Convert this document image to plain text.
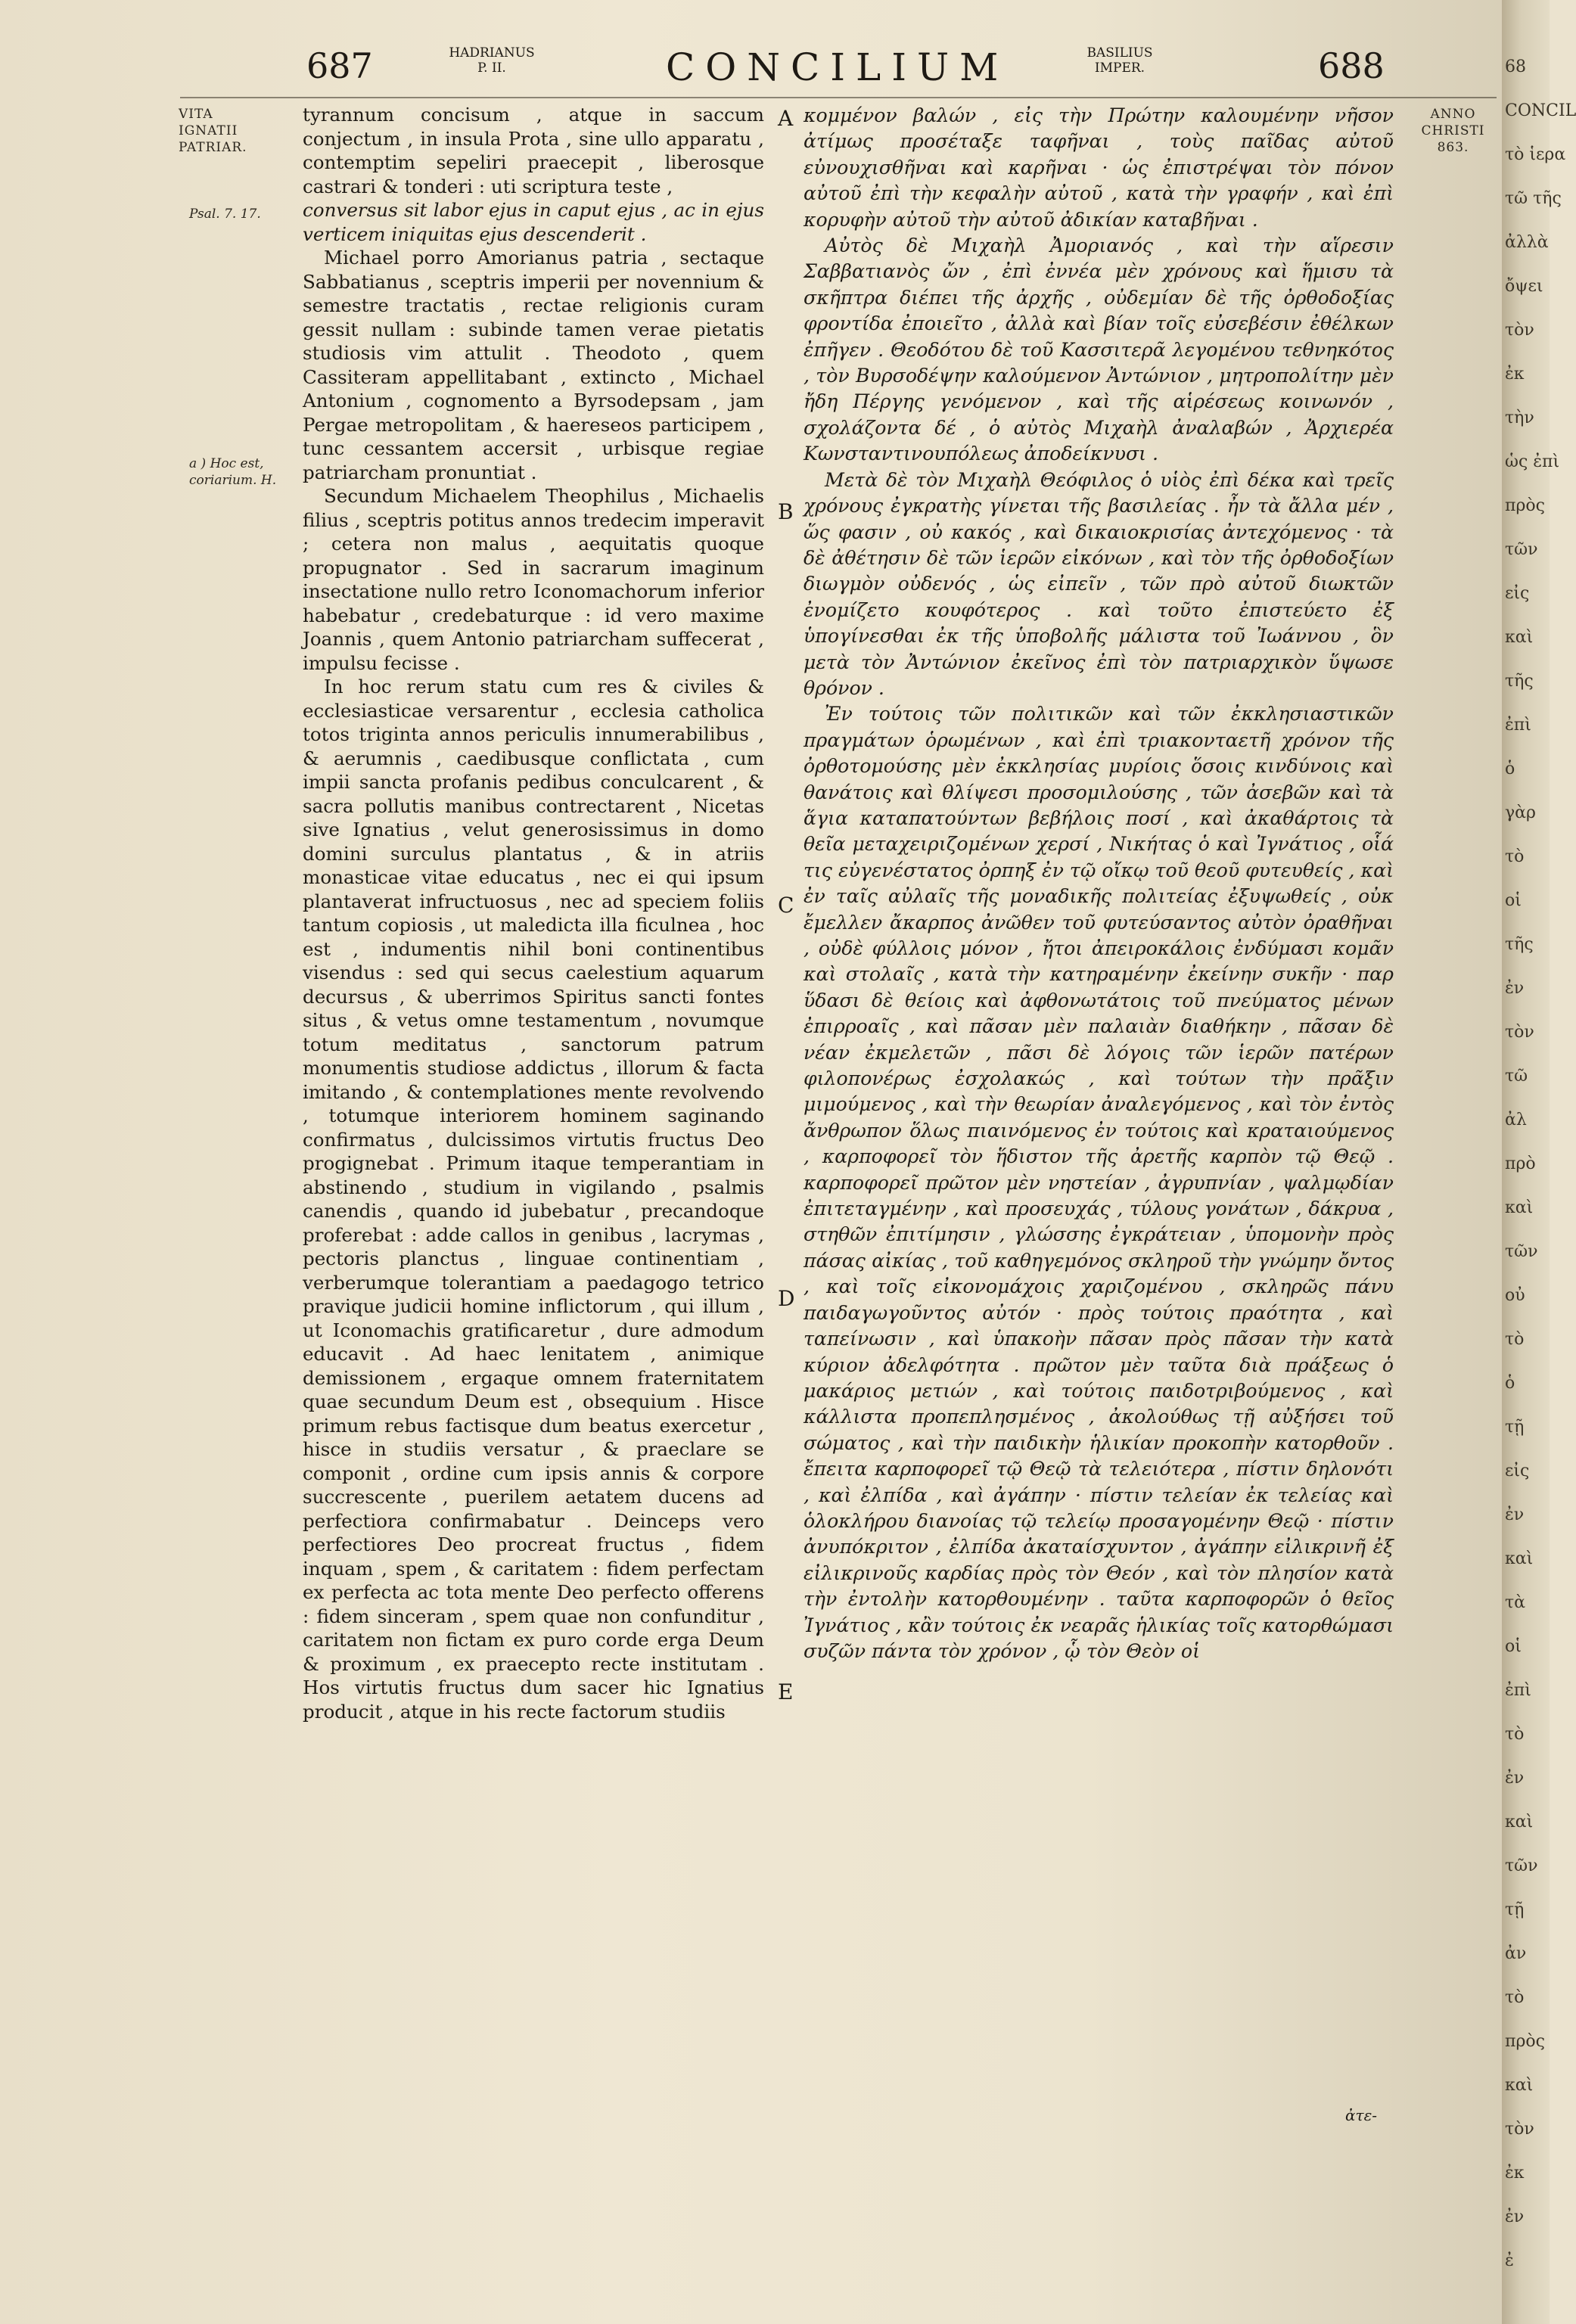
687	HADRIANUS
P. II.	CONCILIUM	BASILIUS
IMPER.	688
VITA
IGNATII
PATRIAR.
Psal. 7. 17.
a ) Hoc est,
coriarium. H.
ANNO
CHRISTI
863.

tyrannum concisum , atque in saccum conjectum , in insula Prota , sine ullo apparatu , contemptim sepeliri praecepit , liberosque castrari & tonderi : uti scriptura teste ,

conversus sit labor ejus in caput ejus , ac in ejus verticem iniquitas ejus descenderit .

Michael porro Amorianus patria , sectaque Sabbatianus , sceptris imperii per novennium & semestre tractatis , rectae religionis curam gessit nullam : subinde tamen verae pietatis studiosis vim attulit . Theodoto , quem Cassiteram appellitabant , extincto , Michael Antonium , cognomento a Byrsodepsam , jam Pergae metropolitam , & haereseos participem , tunc cessantem accersit , urbisque regiae patriarcham pronuntiat .

Secundum Michaelem Theophilus , Michaelis filius , sceptris potitus annos tredecim imperavit ; cetera non malus , aequitatis quoque propugnator . Sed in sacrarum imaginum insectatione nullo retro Iconomachorum inferior habebatur , credebaturque : id vero maxime Joannis , quem Antonio patriarcham suffecerat , impulsu fecisse .

In hoc rerum statu cum res & civiles & ecclesiasticae versarentur , ecclesia catholica totos triginta annos periculis innumerabilibus , & aerumnis , caedibusque conflictata , cum impii sancta profanis pedibus conculcarent , & sacra pollutis manibus contrectarent , Nicetas sive Ignatius , velut generosissimus in domo domini surculus plantatus , & in atriis monasticae vitae educatus , nec ei qui ipsum plantaverat infructuosus , nec ad speciem foliis tantum copiosis , ut maledicta illa ficulnea , hoc est , indumentis nihil boni continentibus visendus : sed qui secus caelestium aquarum decursus , & uberrimos Spiritus sancti fontes situs , & vetus omne testamentum , novumque totum meditatus , sanctorum patrum monumentis studiose addictus , illorum & facta imitando , & contemplationes mente revolvendo , totumque interiorem hominem saginando confirmatus , dulcissimos virtutis fructus Deo progignebat . Primum itaque temperantiam in abstinendo , studium in vigilando , psalmis canendis , quando id jubebatur , precandoque proferebat : adde callos in genibus , lacrymas , pectoris planctus , linguae continentiam , verberumque tolerantiam a paedagogo tetrico pravique judicii homine inflictorum , qui illum , ut Iconomachis gratificaretur , dure admodum educavit . Ad haec lenitatem , animique demissionem , ergaque omnem fraternitatem quae secundum Deum est , obsequium . Hisce primum rebus factisque dum beatus exercetur , hisce in studiis versatur , & praeclare se componit , ordine cum ipsis annis & corpore succrescente , puerilem aetatem ducens ad perfectiora confirmabatur . Deinceps vero perfectiores Deo procreat fructus , fidem inquam , spem , & caritatem : fidem perfectam ex perfecta ac tota mente Deo perfecto offerens : fidem sinceram , spem quae non confunditur , caritatem non fictam ex puro corde erga Deum & proximum , ex praecepto recte institutam . Hos virtutis fructus dum sacer hic Ignatius producit , atque in his recte factorum studiis

A
B
C
D
E

κομμένον βαλών , εἰς τὴν Πρώτην καλουμένην νῆσον ἀτίμως προσέταξε ταφῆναι , τοὺς παῖδας αὐτοῦ εὐνουχισθῆναι καὶ καρῆναι · ὡς ἐπιστρέψαι τὸν πόνον αὐτοῦ ἐπὶ τὴν κεφαλὴν αὐτοῦ , κατὰ τὴν γραφήν , καὶ ἐπὶ κορυφὴν αὐτοῦ τὴν αὐτοῦ ἀδικίαν καταβῆναι .

Αὐτὸς δὲ Μιχαὴλ Ἀμοριανός , καὶ τὴν αἵρεσιν Σαββατιανὸς ὤν , ἐπὶ ἐννέα μὲν χρόνους καὶ ἥμισυ τὰ σκῆπτρα διέπει τῆς ἀρχῆς , οὐδεμίαν δὲ τῆς ὀρθοδοξίας φροντίδα ἐποιεῖτο , ἀλλὰ καὶ βίαν τοῖς εὐσεβέσιν ἐθέλκων ἐπῆγεν . Θεοδότου δὲ τοῦ Κασσιτερᾶ λεγομένου τεθνηκότος , τὸν Βυρσοδέψην καλούμενον Ἀντώνιον , μητροπολίτην μὲν ἤδη Πέργης γενόμενον , καὶ τῆς αἱρέσεως κοινωνόν , σχολάζοντα δέ , ὁ αὐτὸς Μιχαὴλ ἀναλαβών , Ἀρχιερέα Κωνσταντινουπόλεως ἀποδείκνυσι .

Μετὰ δὲ τὸν Μιχαὴλ Θεόφιλος ὁ υἱὸς ἐπὶ δέκα καὶ τρεῖς χρόνους ἐγκρατὴς γίνεται τῆς βασιλείας . ἦν τὰ ἄλλα μέν , ὥς φασιν , οὐ κακός , καὶ δικαιοκρισίας ἀντεχόμενος · τὰ δὲ ἀθέτησιν δὲ τῶν ἱερῶν εἰκόνων , καὶ τὸν τῆς ὀρθοδοξίων διωγμὸν οὐδενός , ὡς εἰπεῖν , τῶν πρὸ αὐτοῦ διωκτῶν ἐνομίζετο κουφότερος . καὶ τοῦτο ἐπιστεύετο ἐξ ὑπογίνεσθαι ἐκ τῆς ὑποβολῆς μάλιστα τοῦ Ἰωάννου , ὃν μετὰ τὸν Ἀντώνιον ἐκεῖνος ἐπὶ τὸν πατριαρχικὸν ὕψωσε θρόνον .

Ἐν τούτοις τῶν πολιτικῶν καὶ τῶν ἐκκλησιαστικῶν πραγμάτων ὁρωμένων , καὶ ἐπὶ τριακονταετῆ χρόνον τῆς ὀρθοτομούσης μὲν ἐκκλησίας μυρίοις ὅσοις κινδύνοις καὶ θανάτοις καὶ θλίψεσι προσομιλούσης , τῶν ἀσεβῶν καὶ τὰ ἅγια καταπατούντων βεβήλοις ποσί , καὶ ἀκαθάρτοις τὰ θεῖα μεταχειριζομένων χερσί , Νικήτας ὁ καὶ Ἰγνάτιος , οἷά τις εὐγενέστατος ὀρπηξ ἐν τῷ οἴκῳ τοῦ θεοῦ φυτευθείς , καὶ ἐν ταῖς αὐλαῖς τῆς μοναδικῆς πολιτείας ἐξυψωθείς , οὐκ ἔμελλεν ἄκαρπος ἀνῶθεν τοῦ φυτεύσαντος αὐτὸν ὀραθῆναι , οὐδὲ φύλλοις μόνον , ἤτοι ἀπειροκάλοις ἐνδύμασι κομᾶν καὶ στολαῖς , κατὰ τὴν κατηραμένην ἐκείνην συκῆν · παρ ὕδασι δὲ θείοις καὶ ἀφθονωτάτοις τοῦ πνεύματος μένων ἐπιρροαῖς , καὶ πᾶσαν μὲν παλαιὰν διαθήκην , πᾶσαν δὲ νέαν ἐκμελετῶν , πᾶσι δὲ λόγοις τῶν ἱερῶν πατέρων φιλοπονέρως ἐσχολακώς , καὶ τούτων τὴν πρᾶξιν μιμούμενος , καὶ τὴν θεωρίαν ἀναλεγόμενος , καὶ τὸν ἐντὸς ἄνθρωπον ὅλως πιαινόμενος ἐν τούτοις καὶ κραταιούμενος , καρποφορεῖ τὸν ἥδιστον τῆς ἀρετῆς καρπὸν τῷ Θεῷ . καρποφορεῖ πρῶτον μὲν νηστείαν , ἀγρυπνίαν , ψαλμῳδίαν ἐπιτεταγμένην , καὶ προσευχάς , τύλους γονάτων , δάκρυα , στηθῶν ἐπιτίμησιν , γλώσσης ἐγκράτειαν , ὑπομονὴν πρὸς πάσας αἰκίας , τοῦ καθηγεμόνος σκληροῦ τὴν γνώμην ὄντος , καὶ τοῖς εἰκονομάχοις χαριζομένου , σκληρῶς πάνυ παιδαγωγοῦντος αὐτόν · πρὸς τούτοις πραότητα , καὶ ταπείνωσιν , καὶ ὑπακοὴν πᾶσαν πρὸς πᾶσαν τὴν κατὰ κύριον ἀδελφότητα . πρῶτον μὲν ταῦτα διὰ πράξεως ὁ μακάριος μετιών , καὶ τούτοις παιδοτριβούμενος , καὶ κάλλιστα προπεπλησμένος , ἀκολούθως τῇ αὐξήσει τοῦ σώματος , καὶ τὴν παιδικὴν ἡλικίαν προκοπὴν κατορθοῦν . ἔπειτα καρποφορεῖ τῷ Θεῷ τὰ τελειότερα , πίστιν δηλονότι , καὶ ἐλπίδα , καὶ ἀγάπην · πίστιν τελείαν ἐκ τελείας καὶ ὁλοκλήρου διανοίας τῷ τελείῳ προσαγομένην Θεῷ · πίστιν ἀνυπόκριτον , ἐλπίδα ἀκαταίσχυντον , ἀγάπην εἰλικρινῆ ἐξ εἰλικρινοῦς καρδίας πρὸς τὸν Θεόν , καὶ τὸν πλησίον κατὰ τὴν ἐντολὴν κατορθουμένην . ταῦτα καρποφορῶν ὁ θεῖος Ἰγνάτιος , κἂν τούτοις ἐκ νεαρᾶς ἡλικίας τοῖς κατορθώμασι συζῶν πάντα τὸν χρόνον , ᾧ τὸν Θεὸν οἱ

ἀτε-
68
CONCIL
τὸ ἱερα
τῶ τῆς
ἀλλὰ
ὄψει
τὸν
ἐκ
τὴν
ὡς ἐπὶ
πρὸς
τῶν
εἰς
καὶ
τῆς
ἐπὶ
ὁ
γὰρ
τὸ
οἱ
τῆς
ἐν
τὸν
τῶ
ἀλ
πρὸ
καὶ
τῶν
οὐ
τὸ
ὁ
τῇ
εἰς
ἐν
καὶ
τὰ
οἱ
ἐπὶ
τὸ
ἐν
καὶ
τῶν
τῇ
ἀν
τὸ
πρὸς
καὶ
τὸν
ἐκ
ἐν
ἐ
